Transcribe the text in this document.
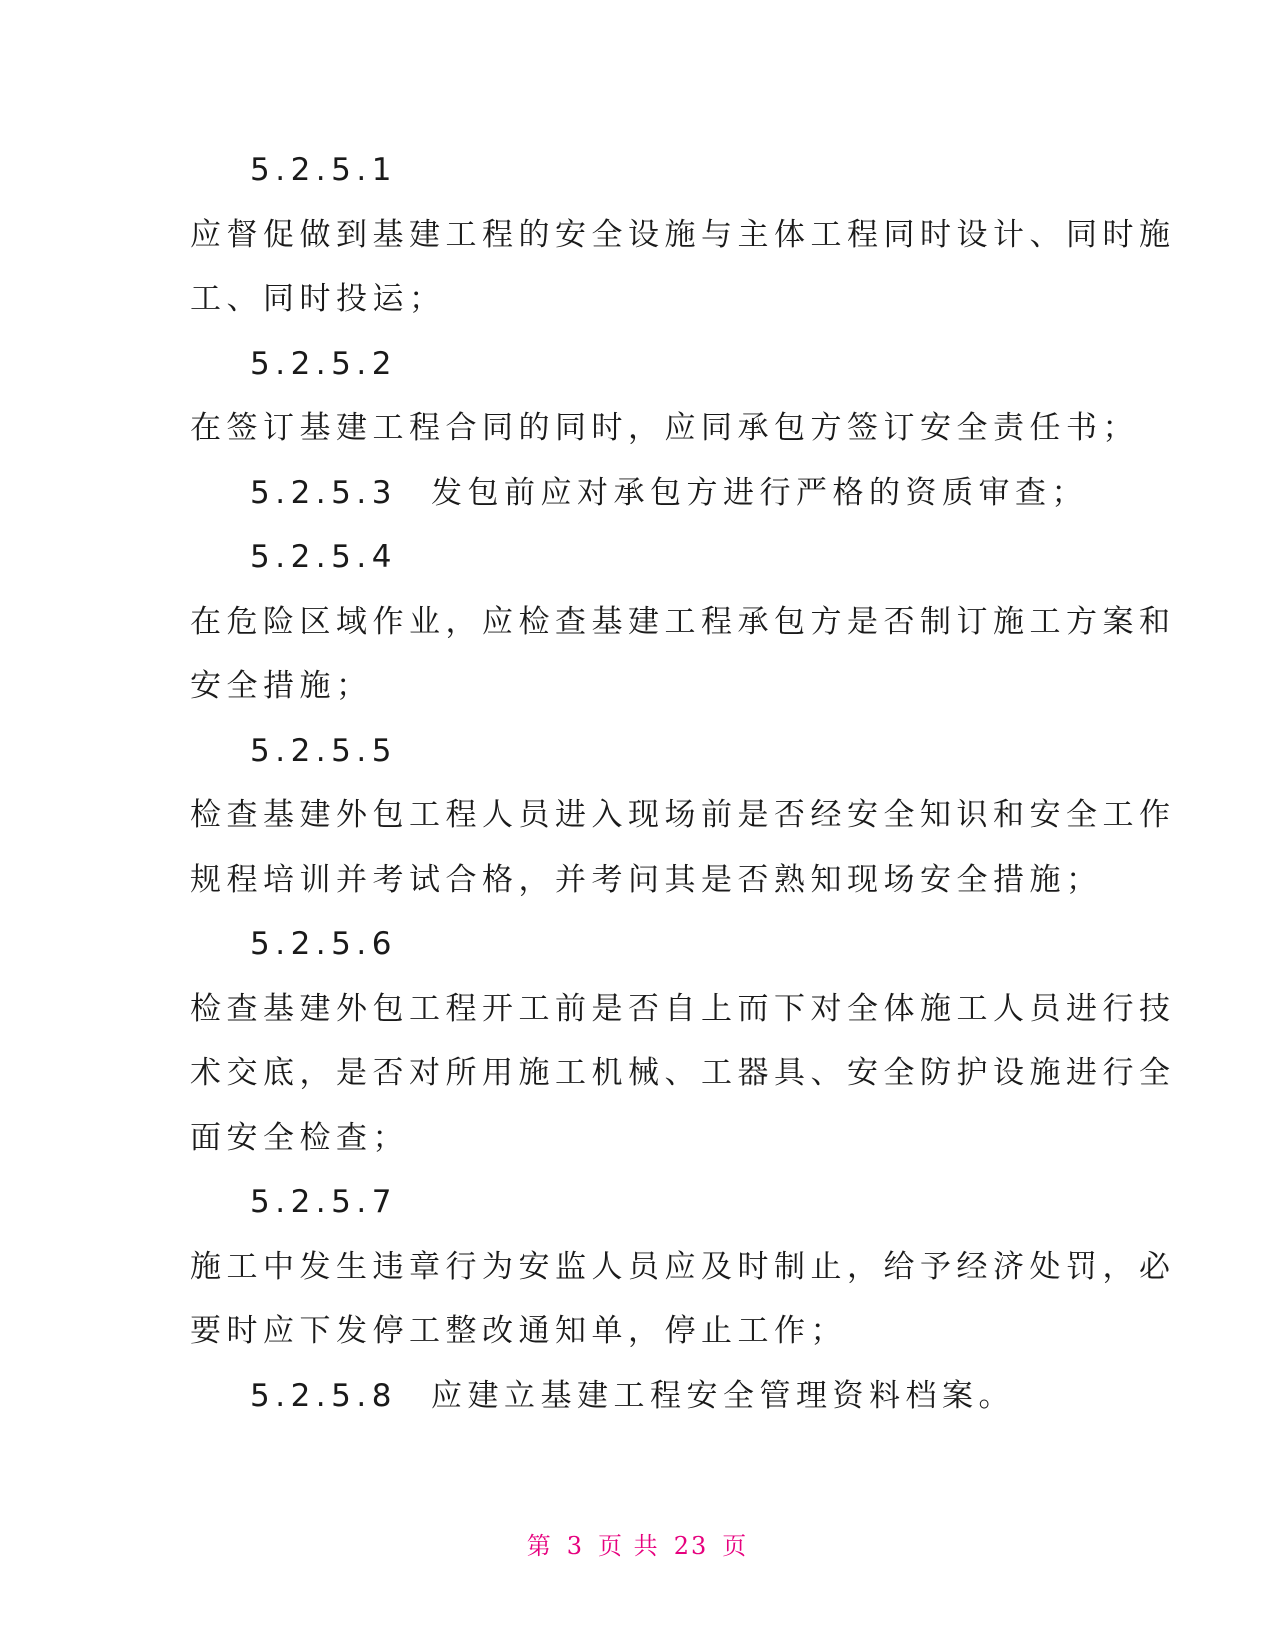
5.2.5.1
应督促做到基建工程的安全设施与主体工程同时设计、同时施
工、同时投运；
5.2.5.2
在签订基建工程合同的同时，应同承包方签订安全责任书；
5.2.5.3 发包前应对承包方进行严格的资质审查；
5.2.5.4
在危险区域作业，应检查基建工程承包方是否制订施工方案和
安全措施；
5.2.5.5
检查基建外包工程人员进入现场前是否经安全知识和安全工作
规程培训并考试合格，并考问其是否熟知现场安全措施；
5.2.5.6
检查基建外包工程开工前是否自上而下对全体施工人员进行技
术交底，是否对所用施工机械、工器具、安全防护设施进行全
面安全检查；
5.2.5.7
施工中发生违章行为安监人员应及时制止，给予经济处罚，必
要时应下发停工整改通知单，停止工作；
5.2.5.8 应建立基建工程安全管理资料档案。
第 3 页 共 23 页
